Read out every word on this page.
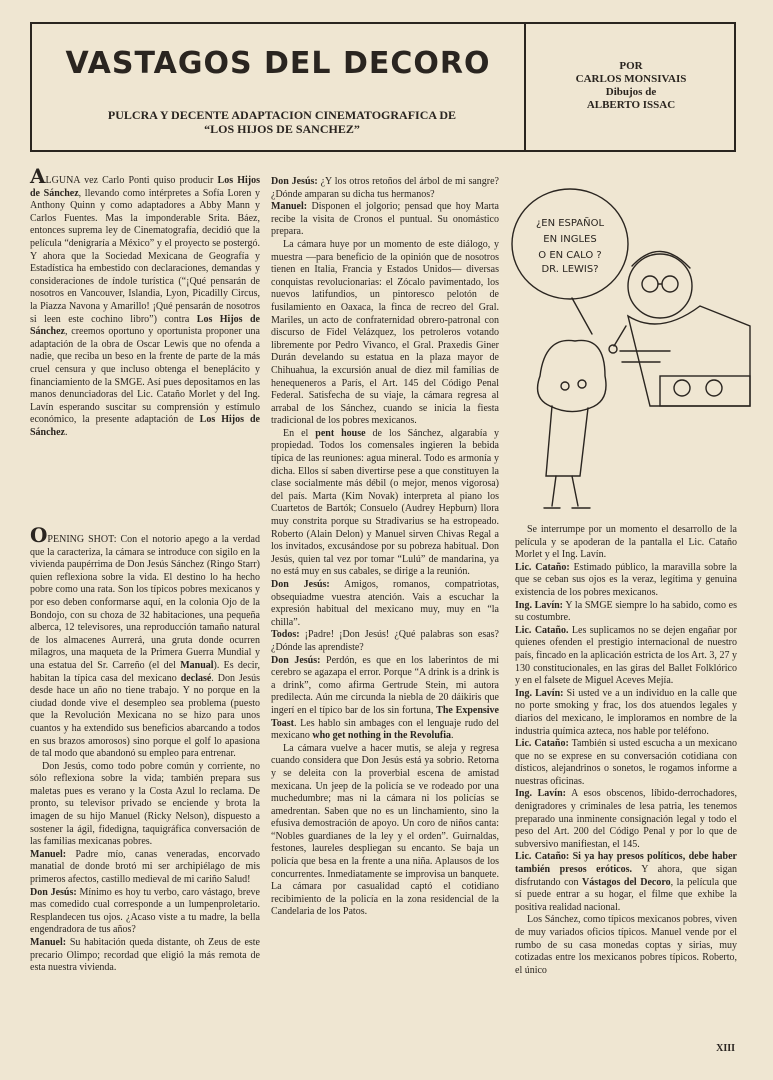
VASTAGOS DEL DECORO
PULCRA Y DECENTE ADAPTACION CINEMATOGRAFICA DE
“LOS HIJOS DE SANCHEZ”
POR
CARLOS MONSIVAIS
Dibujos de
ALBERTO ISSAC

ALGUNA vez Carlo Ponti quiso producir Los Hijos de Sánchez, llevando como intérpretes a Sofía Loren y Anthony Quinn y como adaptadores a Abby Mann y Carlos Fuentes. Mas la imponderable Srita. Báez, entonces suprema ley de Cinematografía, decidió que la película “denigraría a México” y el proyecto se postergó. Y ahora que la Sociedad Mexicana de Geografía y Estadística ha embestido con declaraciones, demandas y consideraciones de índole turística (“¡Qué pensarán de nosotros en Vancouver, Islandia, Lyon, Picadilly Circus, la Piazza Navona y Amarillo! ¡Qué pensarán de nosotros si leen este cochino libro”) contra Los Hijos de Sánchez, creemos oportuno y oportunista proponer una adaptación de la obra de Oscar Lewis que no ofenda a nadie, que reciba un beso en la frente de parte de la más cruel censura y que incluso obtenga el beneplácito y financiamiento de la SMGE. Así pues depositamos en las manos denunciadoras del Lic. Cataño Morlet y del Ing. Lavín esperando suscitar su comprensión y estímulo económico, la presente adaptación de Los Hijos de Sánchez.

OPENING SHOT: Con el notorio apego a la verdad que la caracteriza, la cámara se introduce con sigilo en la vivienda paupérrima de Don Jesús Sánchez (Ringo Starr) quien reflexiona sobre la vida. El destino lo ha hecho pobre como una rata. Son los típicos pobres mexicanos y por eso deben conformarse aquí, en la colonia Ojo de la Bondojo, con su choza de 32 habitaciones, una pequeña alberca, 12 televisores, una reproducción tamaño natural de los almacenes Aurrerá, una gruta donde ocurren milagros, una maqueta de la Primera Guerra Mundial y una estatua del Sr. Carreño (el del Manual). Es decir, habitan la típica casa del mexicano declasé. Don Jesús desde hace un año no tiene trabajo. Y no porque en la ciudad donde vive el desempleo sea problema (puesto que la Revolución Mexicana no se hizo para unos cuantos y ha extendido sus beneficios abarcando a todos en sus brazos amorosos) sino porque el golf lo apasiona de tal modo que abandonó su empleo para entrenar.

Don Jesús, como todo pobre común y corriente, no sólo reflexiona sobre la vida; también prepara sus maletas pues es verano y la Costa Azul lo reclama. De pronto, su televisor privado se enciende y brota la imagen de su hijo Manuel (Ricky Nelson), dispuesto a sostener la ágil, fidedigna, taquigráfica conversación de las familias mexicanas pobres.

Manuel: Padre mío, canas veneradas, encorvado manatial de donde brotó mi ser archipiélago de mis primeros afectos, castillo medieval de mi cariño Salud!

Don Jesús: Mínimo es hoy tu verbo, caro vástago, breve mas comedido cual corresponde a un lumpenproletario. Resplandecen tus ojos. ¿Acaso viste a tu madre, la bella engendradora de tus años?

Manuel: Su habitación queda distante, oh Zeus de este precario Olimpo; recordad que eligió la más remota de esta nuestra vivienda.

Don Jesús: ¿Y los otros retoños del árbol de mi sangre? ¿Dónde amparan su dicha tus hermanos?

Manuel: Disponen el jolgorio; pensad que hoy Marta recibe la visita de Cronos el puntual. Su onomástico prepara.

La cámara huye por un momento de este diálogo, y muestra —para beneficio de la opinión que de nosotros tienen en Italia, Francia y Estados Unidos— diversas conquistas revolucionarias: el Zócalo pavimentado, los nuevos latifundios, un pintoresco pelotón de fusilamiento en Oaxaca, la finca de recreo del Gral. Mariles, un acto de confraternidad obrero-patronal con discurso de Fidel Velázquez, los petroleros votando libremente por Pedro Vivanco, el Gral. Praxedis Giner Durán develando su estatua en la plaza mayor de Chihuahua, la excursión anual de diez mil familias de henequeneros a París, el Art. 145 del Código Penal Federal. Satisfecha de su viaje, la cámara regresa al arrabal de los Sánchez, cuando se inicia la fiesta tradicional de los pobres mexicanos.

En el pent house de los Sánchez, algarabía y propiedad. Todos los comensales ingieren la bebida típica de las reuniones: agua mineral. Todo es armonía y dicha. Ellos sí saben divertirse pese a que constituyen la clase socialmente más débil (o mejor, menos vigorosa) del país. Marta (Kim Novak) interpreta al piano los Cuartetos de Bartók; Consuelo (Audrey Hepburn) llora muy constrita porque su Stradivarius se ha estropeado. Roberto (Alain Delon) y Manuel sirven Chivas Regal a los invitados, excusándose por su pobreza habitual. Don Jesús, quien tal vez por tomar “Lulú” de mandarina, ya no está muy en sus cabales, se dirige a la reunión.

Don Jesús: Amigos, romanos, compatriotas, obsequiadme vuestra atención. Vais a escuchar la expresión habitual del mexicano muy, muy en “la chilla”.

Todos: ¡Padre! ¡Don Jesús! ¿Qué palabras son esas? ¿Dónde las aprendiste?

Don Jesús: Perdón, es que en los laberintos de mi cerebro se agazapa el error. Porque “A drink is a drink is a drink”, como afirma Gertrude Stein, mi autora predilecta. Aún me circunda la niebla de 20 dáikiris que ingerí en el típico bar de los sin fortuna, The Expensive Toast. Les hablo sin ambages con el lenguaje rudo del mexicano who get nothing in the Revolufia.

La cámara vuelve a hacer mutis, se aleja y regresa cuando considera que Don Jesús está ya sobrio. Retorna y se deleita con la proverbial escena de amistad mexicana. Un jeep de la policía se ve rodeado por una muchedumbre; mas ni la cámara ni los policías se amedrentan. Saben que no es un linchamiento, sino la efusiva demostración de apoyo. Un coro de niños canta: “Nobles guardianes de la ley y el orden”. Guirnaldas, festones, laureles despliegan su encanto. Se baja un policía que besa en la frente a una niña. Aplausos de los concurrentes. Inmediatamente se improvisa un banquete. La cámara por casualidad captó el cotidiano recibimiento de la policía en la zona residencial de la Candelaria de los Patos.

¿EN ESPAÑOL
EN INGLES
O EN CALO ?
DR. LEWIS?

Se interrumpe por un momento el desarrollo de la película y se apoderan de la pantalla el Lic. Cataño Morlet y el Ing. Lavín.

Lic. Cataño: Estimado público, la maravilla sobre la que se ceban sus ojos es la veraz, legítima y genuina existencia de los pobres mexicanos.

Ing. Lavín: Y la SMGE siempre lo ha sabido, como es su costumbre.

Lic. Cataño. Les suplicamos no se dejen engañar por quienes ofenden el prestigio internacional de nuestro país, fincado en la aplicación estricta de los Art. 3, 27 y 130 constitucionales, en las giras del Ballet Folklórico y en el falsete de Miguel Aceves Mejía.

Ing. Lavín: Si usted ve a un individuo en la calle que no porte smoking y frac, los dos atuendos legales y diarios del mexicano, le imploramos en nombre de la industria química azteca, nos hable por teléfono.

Lic. Cataño: También si usted escucha a un mexicano que no se exprese en su conversación cotidiana con dísticos, alejandrinos o sonetos, le rogamos informe a nuestras oficinas.

Ing. Lavín: A esos obscenos, líbido-derrochadores, denigradores y criminales de lesa patria, les tenemos preparado una inminente consignación legal y todo el peso del Art. 200 del Código Penal y por lo que de subversivo manifiestan, el 145.

Lic. Cataño: Si ya hay presos políticos, debe haber también presos eróticos. Y ahora, que sigan disfrutando con Vástagos del Decoro, la película que sí puede entrar a su hogar, el filme que exhibe la positiva realidad nacional.

Los Sánchez, como típicos mexicanos pobres, viven de muy variados oficios típicos. Manuel vende por el rumbo de su casa monedas coptas y sirias, muy cotizadas entre los mexicanos pobres típicos. Roberto, el único

XIII
